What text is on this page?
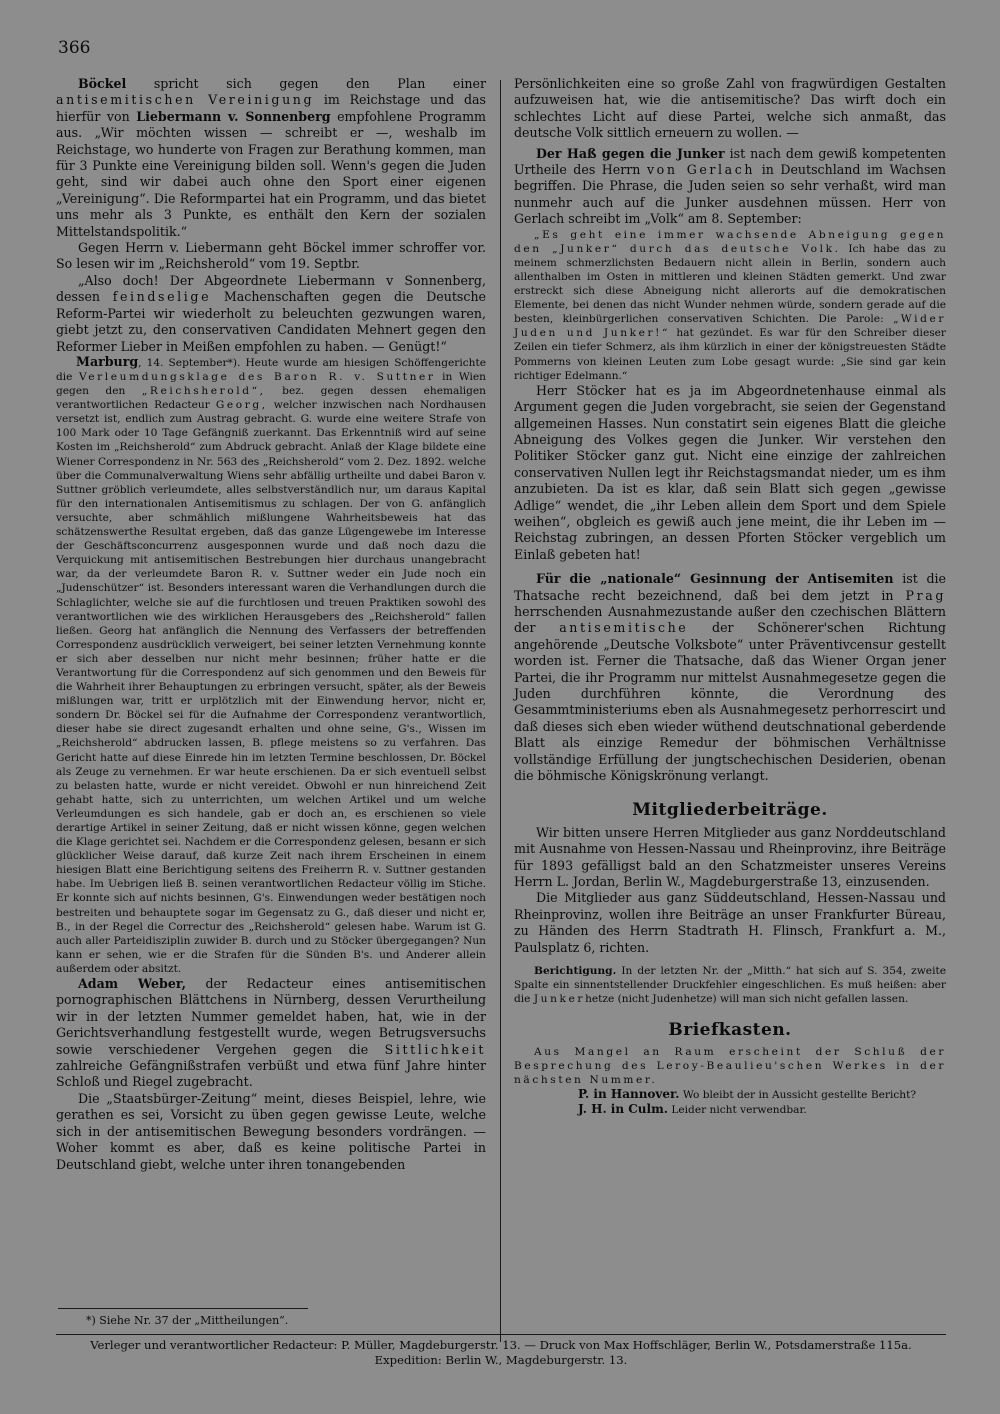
366

Böckel spricht sich gegen den Plan einer antisemitischen Vereinigung im Reichstage und das hierfür von Liebermann v. Sonnenberg empfohlene Programm aus. „Wir möchten wissen — schreibt er —, weshalb im Reichstage, wo hunderte von Fragen zur Berathung kommen, man für 3 Punkte eine Vereinigung bilden soll. Wenn's gegen die Juden geht, sind wir dabei auch ohne den Sport einer eigenen „Vereinigung“. Die Reformpartei hat ein Programm, und das bietet uns mehr als 3 Punkte, es enthält den Kern der sozialen Mittelstandspolitik.“

Gegen Herrn v. Liebermann geht Böckel immer schroffer vor. So lesen wir im „Reichsherold“ vom 19. Septbr.

„Also doch! Der Abgeordnete Liebermann v Sonnenberg, dessen feindselige Machenschaften gegen die Deutsche Reform-Partei wir wiederholt zu beleuchten gezwungen waren, giebt jetzt zu, den conservativen Candidaten Mehnert gegen den Reformer Lieber in Meißen empfohlen zu haben. — Genügt!“

Marburg, 14. September*). Heute wurde am hiesigen Schöffengerichte die Verleumdungsklage des Baron R. v. Suttner in Wien gegen den „Reichsherold“, bez. gegen dessen ehemaligen verantwortlichen Redacteur Georg, welcher inzwischen nach Nordhausen versetzt ist, endlich zum Austrag gebracht. G. wurde eine weitere Strafe von 100 Mark oder 10 Tage Gefängniß zuerkannt. Das Erkenntniß wird auf seine Kosten im „Reichsherold“ zum Abdruck gebracht. Anlaß der Klage bildete eine Wiener Correspondenz in Nr. 563 des „Reichsherold“ vom 2. Dez. 1892. welche über die Communalverwaltung Wiens sehr abfällig urtheilte und dabei Baron v. Suttner gröblich verleumdete, alles selbstverständlich nur, um daraus Kapital für den internationalen Antisemitismus zu schlagen. Der von G. anfänglich versuchte, aber schmählich mißlungene Wahrheitsbeweis hat das schätzenswerthe Resultat ergeben, daß das ganze Lügengewebe im Interesse der Geschäftsconcurrenz ausgesponnen wurde und daß noch dazu die Verquickung mit antisemitischen Bestrebungen hier durchaus unangebracht war, da der verleumdete Baron R. v. Suttner weder ein Jude noch ein „Judenschützer“ ist. Besonders interessant waren die Verhandlungen durch die Schlaglichter, welche sie auf die furchtlosen und treuen Praktiken sowohl des verantwortlichen wie des wirklichen Herausgebers des „Reichsherold“ fallen ließen. Georg hat anfänglich die Nennung des Verfassers der betreffenden Correspondenz ausdrücklich verweigert, bei seiner letzten Vernehmung konnte er sich aber desselben nur nicht mehr besinnen; früher hatte er die Verantwortung für die Correspondenz auf sich genommen und den Beweis für die Wahrheit ihrer Behauptungen zu erbringen versucht, später, als der Beweis mißlungen war, tritt er urplötzlich mit der Einwendung hervor, nicht er, sondern Dr. Böckel sei für die Aufnahme der Correspondenz verantwortlich, dieser habe sie direct zugesandt erhalten und ohne seine, G's., Wissen im „Reichsherold“ abdrucken lassen, B. pflege meistens so zu verfahren. Das Gericht hatte auf diese Einrede hin im letzten Termine beschlossen, Dr. Böckel als Zeuge zu vernehmen. Er war heute erschienen. Da er sich eventuell selbst zu belasten hatte, wurde er nicht vereidet. Obwohl er nun hinreichend Zeit gehabt hatte, sich zu unterrichten, um welchen Artikel und um welche Verleumdungen es sich handele, gab er doch an, es erschienen so viele derartige Artikel in seiner Zeitung, daß er nicht wissen könne, gegen welchen die Klage gerichtet sei. Nachdem er die Correspondenz gelesen, besann er sich glücklicher Weise darauf, daß kurze Zeit nach ihrem Erscheinen in einem hiesigen Blatt eine Berichtigung seitens des Freiherrn R. v. Suttner gestanden habe. Im Uebrigen ließ B. seinen verantwortlichen Redacteur völlig im Stiche. Er konnte sich auf nichts besinnen, G's. Einwendungen weder bestätigen noch bestreiten und behauptete sogar im Gegensatz zu G., daß dieser und nicht er, B., in der Regel die Correctur des „Reichsherold“ gelesen habe. Warum ist G. auch aller Parteidisziplin zuwider B. durch und zu Stöcker übergegangen? Nun kann er sehen, wie er die Strafen für die Sünden B's. und Anderer allein außerdem oder absitzt.

Adam Weber, der Redacteur eines antisemitischen pornographischen Blättchens in Nürnberg, dessen Verurtheilung wir in der letzten Nummer gemeldet haben, hat, wie in der Gerichtsverhandlung festgestellt wurde, wegen Betrugsversuchs sowie verschiedener Vergehen gegen die Sittlichkeit zahlreiche Gefängnißstrafen verbüßt und etwa fünf Jahre hinter Schloß und Riegel zugebracht.

Die „Staatsbürger-Zeitung“ meint, dieses Beispiel, lehre, wie gerathen es sei, Vorsicht zu üben gegen gewisse Leute, welche sich in der antisemitischen Bewegung besonders vordrängen. — Woher kommt es aber, daß es keine politische Partei in Deutschland giebt, welche unter ihren tonangebenden

Persönlichkeiten eine so große Zahl von fragwürdigen Gestalten aufzuweisen hat, wie die antisemitische? Das wirft doch ein schlechtes Licht auf diese Partei, welche sich anmaßt, das deutsche Volk sittlich erneuern zu wollen. —

Der Haß gegen die Junker ist nach dem gewiß kompetenten Urtheile des Herrn von Gerlach in Deutschland im Wachsen begriffen. Die Phrase, die Juden seien so sehr verhaßt, wird man nunmehr auch auf die Junker ausdehnen müssen. Herr von Gerlach schreibt im „Volk“ am 8. September:

„Es geht eine immer wachsende Abneigung gegen den „Junker“ durch das deutsche Volk. Ich habe das zu meinem schmerzlichsten Bedauern nicht allein in Berlin, sondern auch allenthalben im Osten in mittleren und kleinen Städten gemerkt. Und zwar erstreckt sich diese Abneigung nicht allerorts auf die demokratischen Elemente, bei denen das nicht Wunder nehmen würde, sondern gerade auf die besten, kleinbürgerlichen conservativen Schichten. Die Parole: „Wider Juden und Junker!“ hat gezündet. Es war für den Schreiber dieser Zeilen ein tiefer Schmerz, als ihm kürzlich in einer der königstreuesten Städte Pommerns von kleinen Leuten zum Lobe gesagt wurde: „Sie sind gar kein richtiger Edelmann.“

Herr Stöcker hat es ja im Abgeordnetenhause einmal als Argument gegen die Juden vorgebracht, sie seien der Gegenstand allgemeinen Hasses. Nun constatirt sein eigenes Blatt die gleiche Abneigung des Volkes gegen die Junker. Wir verstehen den Politiker Stöcker ganz gut. Nicht eine einzige der zahlreichen conservativen Nullen legt ihr Reichstagsmandat nieder, um es ihm anzubieten. Da ist es klar, daß sein Blatt sich gegen „gewisse Adlige“ wendet, die „ihr Leben allein dem Sport und dem Spiele weihen“, obgleich es gewiß auch jene meint, die ihr Leben im — Reichstag zubringen, an dessen Pforten Stöcker vergeblich um Einlaß gebeten hat!

Für die „nationale“ Gesinnung der Antisemiten ist die Thatsache recht bezeichnend, daß bei dem jetzt in Prag herrschenden Ausnahmezustande außer den czechischen Blättern der antisemitische der Schönerer'schen Richtung angehörende „Deutsche Volksbote“ unter Präventivcensur gestellt worden ist. Ferner die Thatsache, daß das Wiener Organ jener Partei, die ihr Programm nur mittelst Ausnahmegesetze gegen die Juden durchführen könnte, die Verordnung des Gesammtministeriums eben als Ausnahmegesetz perhorrescirt und daß dieses sich eben wieder wüthend deutschnational geberdende Blatt als einzige Remedur der böhmischen Verhältnisse vollständige Erfüllung der jungtschechischen Desiderien, obenan die böhmische Königskrönung verlangt.

Mitgliederbeiträge.

Wir bitten unsere Herren Mitglieder aus ganz Norddeutschland mit Ausnahme von Hessen-Nassau und Rheinprovinz, ihre Beiträge für 1893 gefälligst bald an den Schatzmeister unseres Vereins Herrn L. Jordan, Berlin W., Magdeburgerstraße 13, einzusenden.

Die Mitglieder aus ganz Süddeutschland, Hessen-Nassau und Rheinprovinz, wollen ihre Beiträge an unser Frankfurter Büreau, zu Händen des Herrn Stadtrath H. Flinsch, Frankfurt a. M., Paulsplatz 6, richten.

Berichtigung. In der letzten Nr. der „Mitth.“ hat sich auf S. 354, zweite Spalte ein sinnentstellender Druckfehler eingeschlichen. Es muß heißen: aber die Junkerhetze (nicht Judenhetze) will man sich nicht gefallen lassen.

Briefkasten.

Aus Mangel an Raum erscheint der Schluß der Besprechung des Leroy-Beaulieu'schen Werkes in der nächsten Nummer.

P. in Hannover. Wo bleibt der in Aussicht gestellte Bericht?

J. H. in Culm. Leider nicht verwendbar.

*) Siehe Nr. 37 der „Mittheilungen“.
Verleger und verantwortlicher Redacteur: P. Müller, Magdeburgerstr. 13. — Druck von Max Hoffschläger, Berlin W., Potsdamerstraße 115a.
Expedition: Berlin W., Magdeburgerstr. 13.
